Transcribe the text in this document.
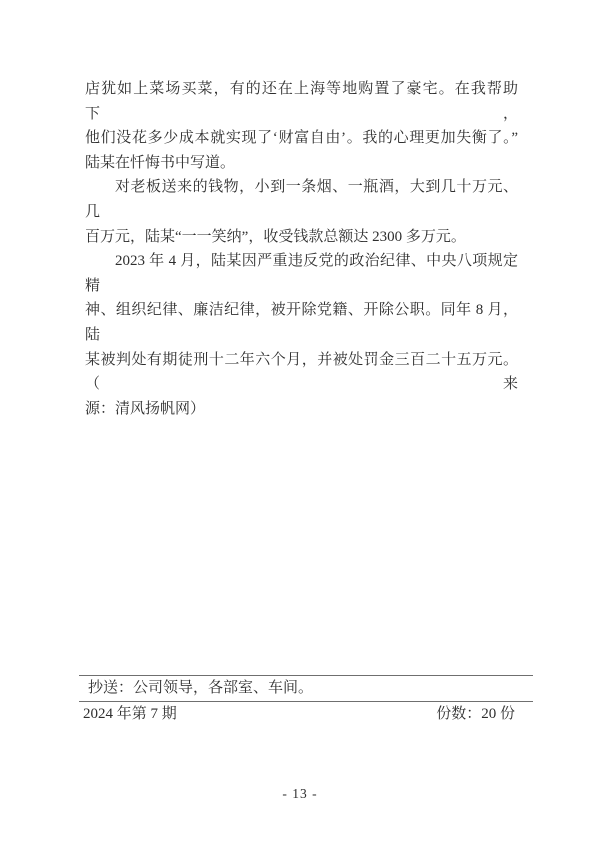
店犹如上菜场买菜，有的还在上海等地购置了豪宅。在我帮助下，
他们没花多少成本就实现了‘财富自由’。我的心理更加失衡了。”
陆某在忏悔书中写道。
对老板送来的钱物，小到一条烟、一瓶酒，大到几十万元、几
百万元，陆某“一一笑纳”，收受钱款总额达 2300 多万元。
2023 年 4 月，陆某因严重违反党的政治纪律、中央八项规定精
神、组织纪律、廉洁纪律，被开除党籍、开除公职。同年 8 月，陆
某被判处有期徒刑十二年六个月，并被处罚金三百二十五万元。（来
源：清风扬帆网）
抄送：公司领导，各部室、车间。
2024 年第 7 期	份数：20 份
- 13 -
